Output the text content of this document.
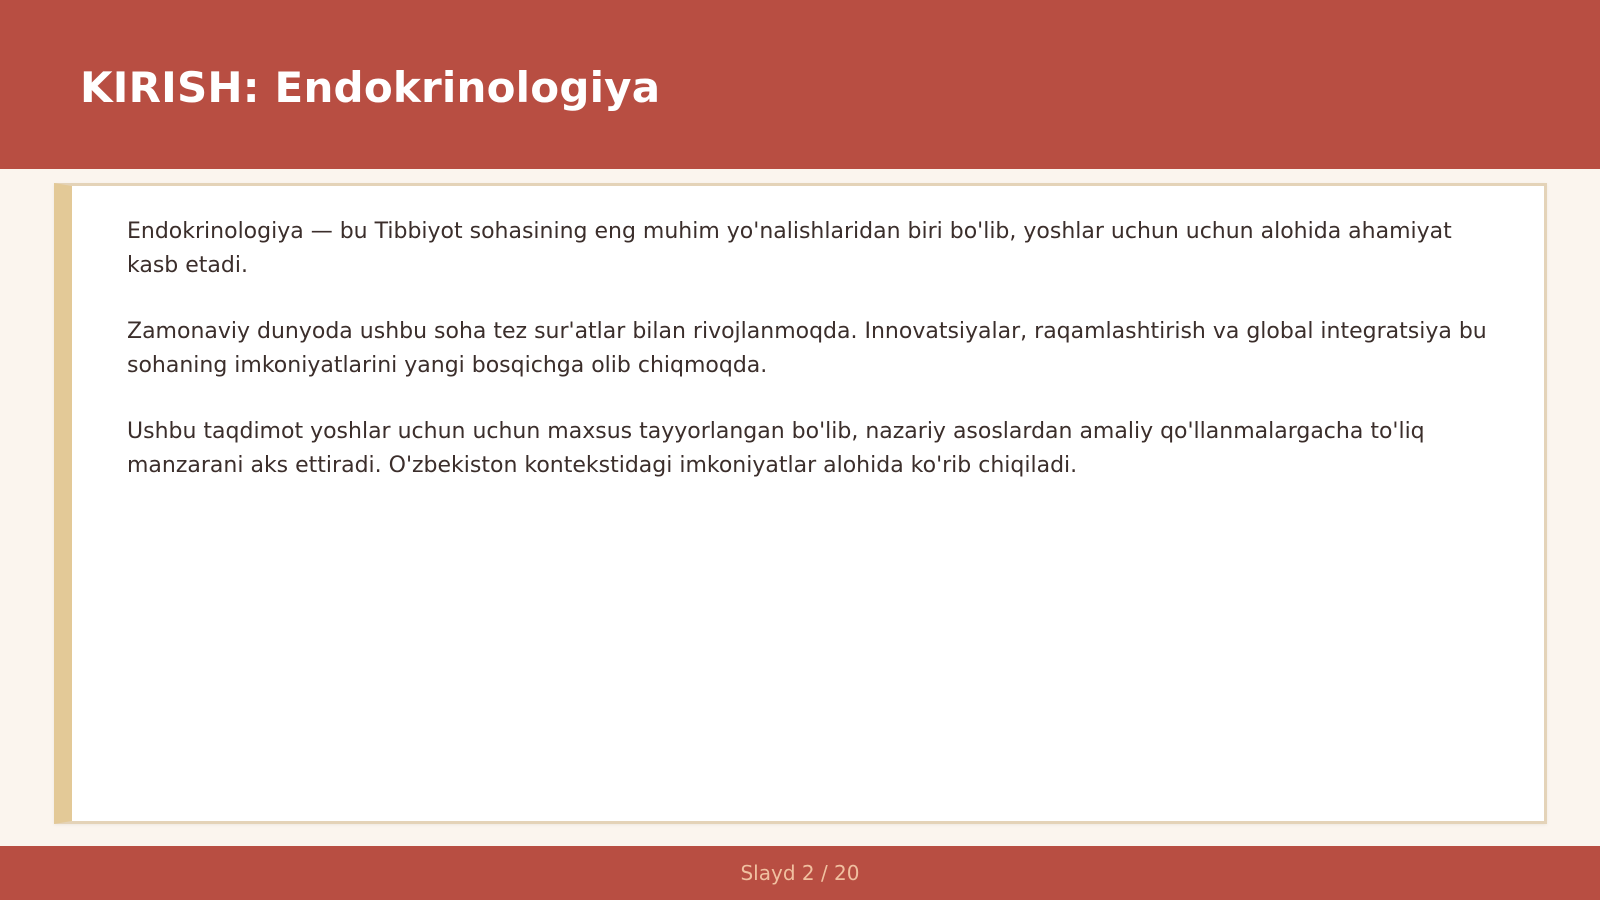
KIRISH: Endokrinologiya

Endokrinologiya — bu Tibbiyot sohasining eng muhim yo'nalishlaridan biri bo'lib, yoshlar uchun uchun alohida ahamiyat kasb etadi.

Zamonaviy dunyoda ushbu soha tez sur'atlar bilan rivojlanmoqda. Innovatsiyalar, raqamlashtirish va global integratsiya bu sohaning imkoniyatlarini yangi bosqichga olib chiqmoqda.

Ushbu taqdimot yoshlar uchun uchun maxsus tayyorlangan bo'lib, nazariy asoslardan amaliy qo'llanmalargacha to'liq manzarani aks ettiradi. O'zbekiston kontekstidagi imkoniyatlar alohida ko'rib chiqiladi.

Slayd 2 / 20
